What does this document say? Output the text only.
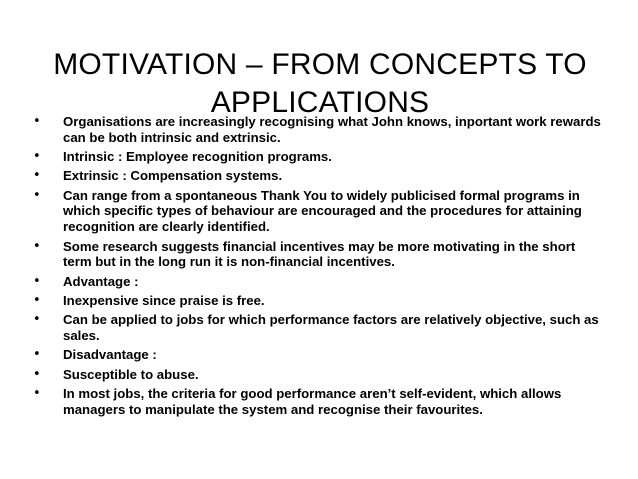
MOTIVATION – FROM CONCEPTS TO
APPLICATIONS
• Organisations are increasingly recognising what John knows, inportant work rewards can be both intrinsic and extrinsic.
• Intrinsic : Employee recognition programs.
• Extrinsic : Compensation systems.
• Can range from a spontaneous Thank You to widely publicised formal programs in which specific types of behaviour are encouraged and the procedures for attaining recognition are clearly identified.
• Some research suggests financial incentives may be more motivating in the short term but in the long run it is non-financial incentives.
• Advantage :
• Inexpensive since praise is free.
• Can be applied to jobs for which performance factors are relatively objective, such as sales.
• Disadvantage :
• Susceptible to abuse.
• In most jobs, the criteria for good performance aren’t self-evident, which allows managers to manipulate the system and recognise their favourites.
